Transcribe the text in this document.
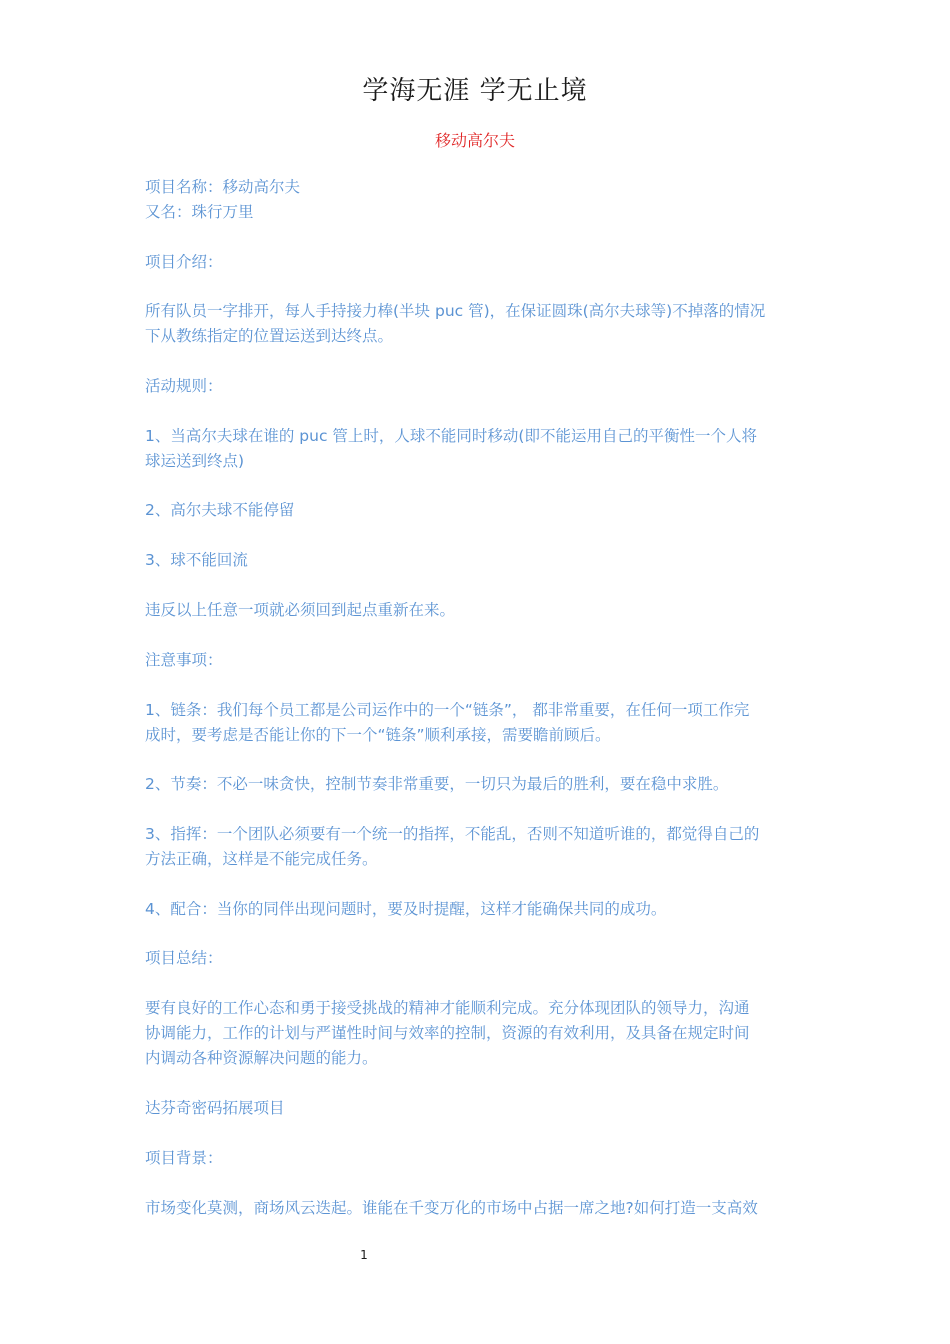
学海无涯 学无止境
移动高尔夫
项目名称：移动高尔夫
又名：珠行万里
项目介绍：
所有队员一字排开，每人手持接力棒(半块 puc 管)，在保证圆珠(高尔夫球等)不掉落的情况
下从教练指定的位置运送到达终点。
活动规则：
1、当高尔夫球在谁的 puc 管上时，人球不能同时移动(即不能运用自己的平衡性一个人将
球运送到终点)
2、高尔夫球不能停留
3、球不能回流
违反以上任意一项就必须回到起点重新在来。
注意事项：
1、链条：我们每个员工都是公司运作中的一个“链条”， 都非常重要，在任何一项工作完
成时，要考虑是否能让你的下一个“链条”顺利承接，需要瞻前顾后。
2、节奏：不必一味贪快，控制节奏非常重要，一切只为最后的胜利，要在稳中求胜。
3、指挥：一个团队必须要有一个统一的指挥，不能乱，否则不知道听谁的，都觉得自己的
方法正确，这样是不能完成任务。
4、配合：当你的同伴出现问题时，要及时提醒，这样才能确保共同的成功。
项目总结：
要有良好的工作心态和勇于接受挑战的精神才能顺利完成。充分体现团队的领导力，沟通
协调能力，工作的计划与严谨性时间与效率的控制，资源的有效利用，及具备在规定时间
内调动各种资源解决问题的能力。
达芬奇密码拓展项目
项目背景：
市场变化莫测，商场风云迭起。谁能在千变万化的市场中占据一席之地?如何打造一支高效
1
